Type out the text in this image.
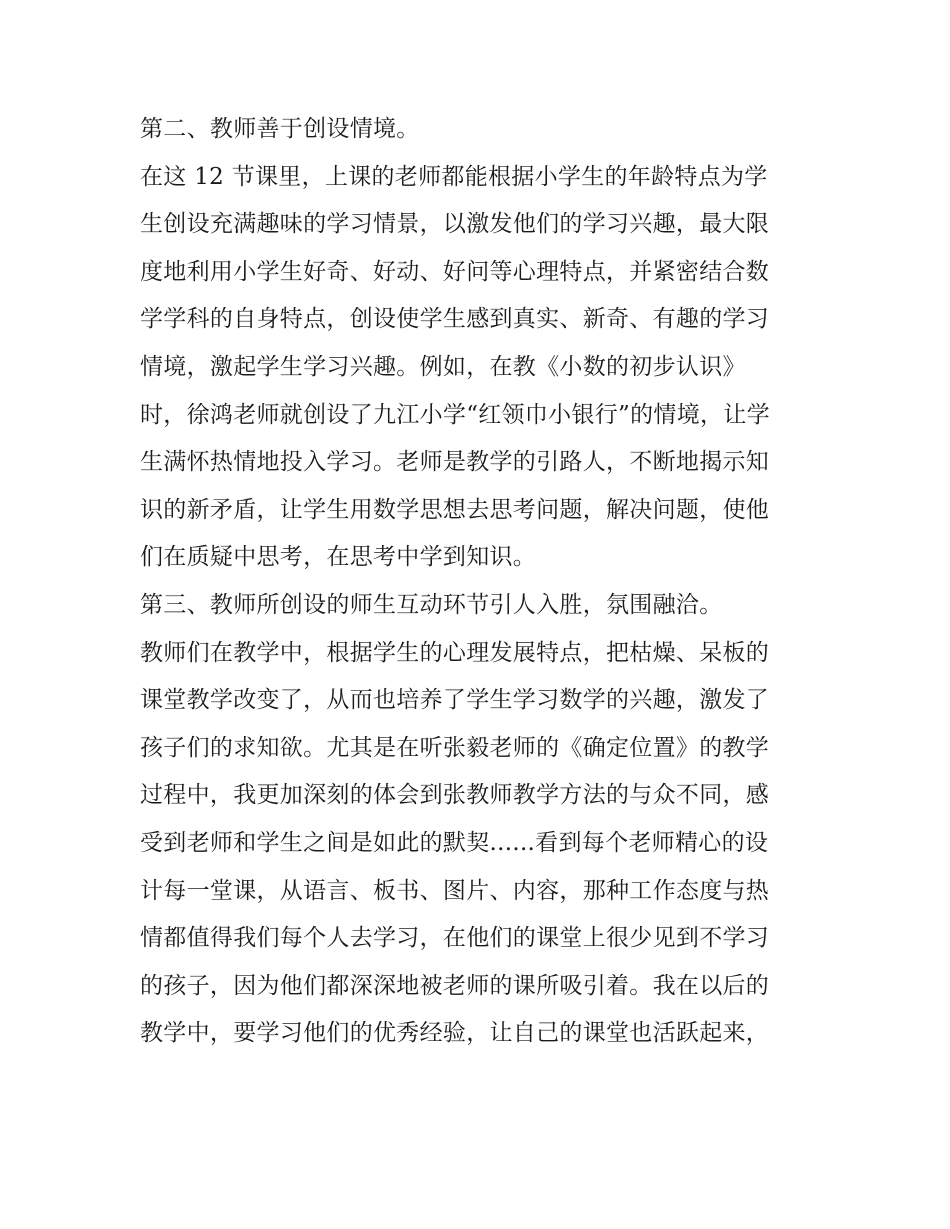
第二、教师善于创设情境。
在这 12 节课里，上课的老师都能根据小学生的年龄特点为学
生创设充满趣味的学习情景，以激发他们的学习兴趣，最大限
度地利用小学生好奇、好动、好问等心理特点，并紧密结合数
学学科的自身特点，创设使学生感到真实、新奇、有趣的学习
情境，激起学生学习兴趣。例如，在教《小数的初步认识》
时，徐鸿老师就创设了九江小学“红领巾小银行”的情境，让学
生满怀热情地投入学习。老师是教学的引路人，不断地揭示知
识的新矛盾，让学生用数学思想去思考问题，解决问题，使他
们在质疑中思考，在思考中学到知识。
第三、教师所创设的师生互动环节引人入胜，氛围融洽。
教师们在教学中，根据学生的心理发展特点，把枯燥、呆板的
课堂教学改变了，从而也培养了学生学习数学的兴趣，激发了
孩子们的求知欲。尤其是在听张毅老师的《确定位置》的教学
过程中，我更加深刻的体会到张教师教学方法的与众不同，感
受到老师和学生之间是如此的默契......看到每个老师精心的设
计每一堂课，从语言、板书、图片、内容，那种工作态度与热
情都值得我们每个人去学习，在他们的课堂上很少见到不学习
的孩子，因为他们都深深地被老师的课所吸引着。我在以后的
教学中，要学习他们的优秀经验，让自己的课堂也活跃起来，
